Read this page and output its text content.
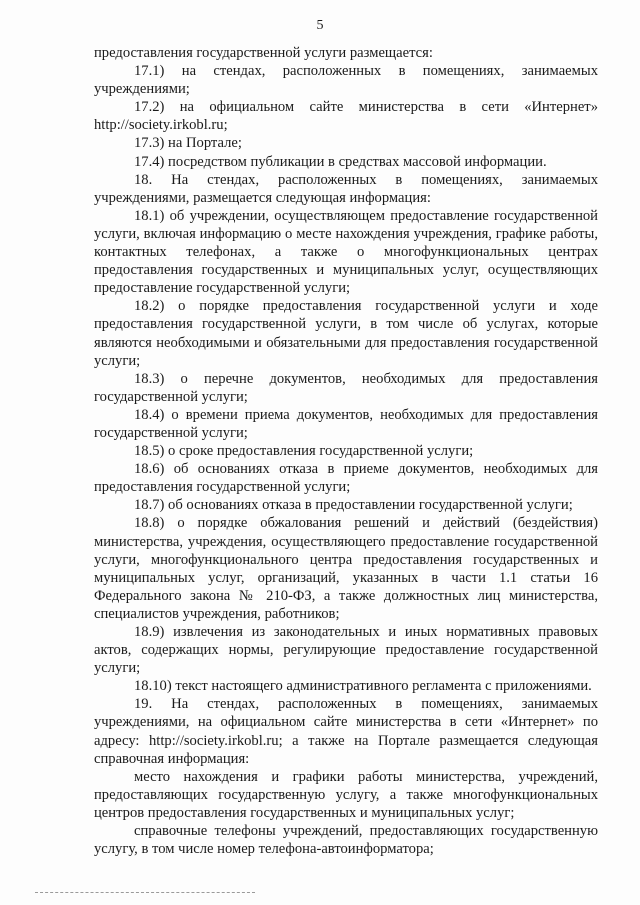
5

предоставления государственной услуги размещается:

17.1) на стендах, расположенных в помещениях, занимаемых учреждениями;

17.2) на официальном сайте министерства в сети «Интернет» http://society.irkobl.ru;

17.3) на Портале;

17.4) посредством публикации в средствах массовой информации.

18. На стендах, расположенных в помещениях, занимаемых учреждениями, размещается следующая информация:

18.1) об учреждении, осуществляющем предоставление государственной услуги, включая информацию о месте нахождения учреждения, графике работы, контактных телефонах, а также о многофункциональных центрах предоставления государственных и муниципальных услуг, осуществляющих предоставление государственной услуги;

18.2) о порядке предоставления государственной услуги и ходе предоставления государственной услуги, в том числе об услугах, которые являются необходимыми и обязательными для предоставления государственной услуги;

18.3) о перечне документов, необходимых для предоставления государственной услуги;

18.4) о времени приема документов, необходимых для предоставления государственной услуги;

18.5) о сроке предоставления государственной услуги;

18.6) об основаниях отказа в приеме документов, необходимых для предоставления государственной услуги;

18.7) об основаниях отказа в предоставлении государственной услуги;

18.8) о порядке обжалования решений и действий (бездействия) министерства, учреждения, осуществляющего предоставление государственной услуги, многофункционального центра предоставления государственных и муниципальных услуг, организаций, указанных в части 1.1 статьи 16 Федерального закона № 210-ФЗ, а также должностных лиц министерства, специалистов учреждения, работников;

18.9) извлечения из законодательных и иных нормативных правовых актов, содержащих нормы, регулирующие предоставление государственной услуги;

18.10) текст настоящего административного регламента с приложениями.

19. На стендах, расположенных в помещениях, занимаемых учреждениями, на официальном сайте министерства в сети «Интернет» по адресу: http://society.irkobl.ru; а также на Портале размещается следующая справочная информация:

место нахождения и графики работы министерства, учреждений, предоставляющих государственную услугу, а также многофункциональных центров предоставления государственных и муниципальных услуг;

справочные телефоны учреждений, предоставляющих государственную услугу, в том числе номер телефона-автоинформатора;
